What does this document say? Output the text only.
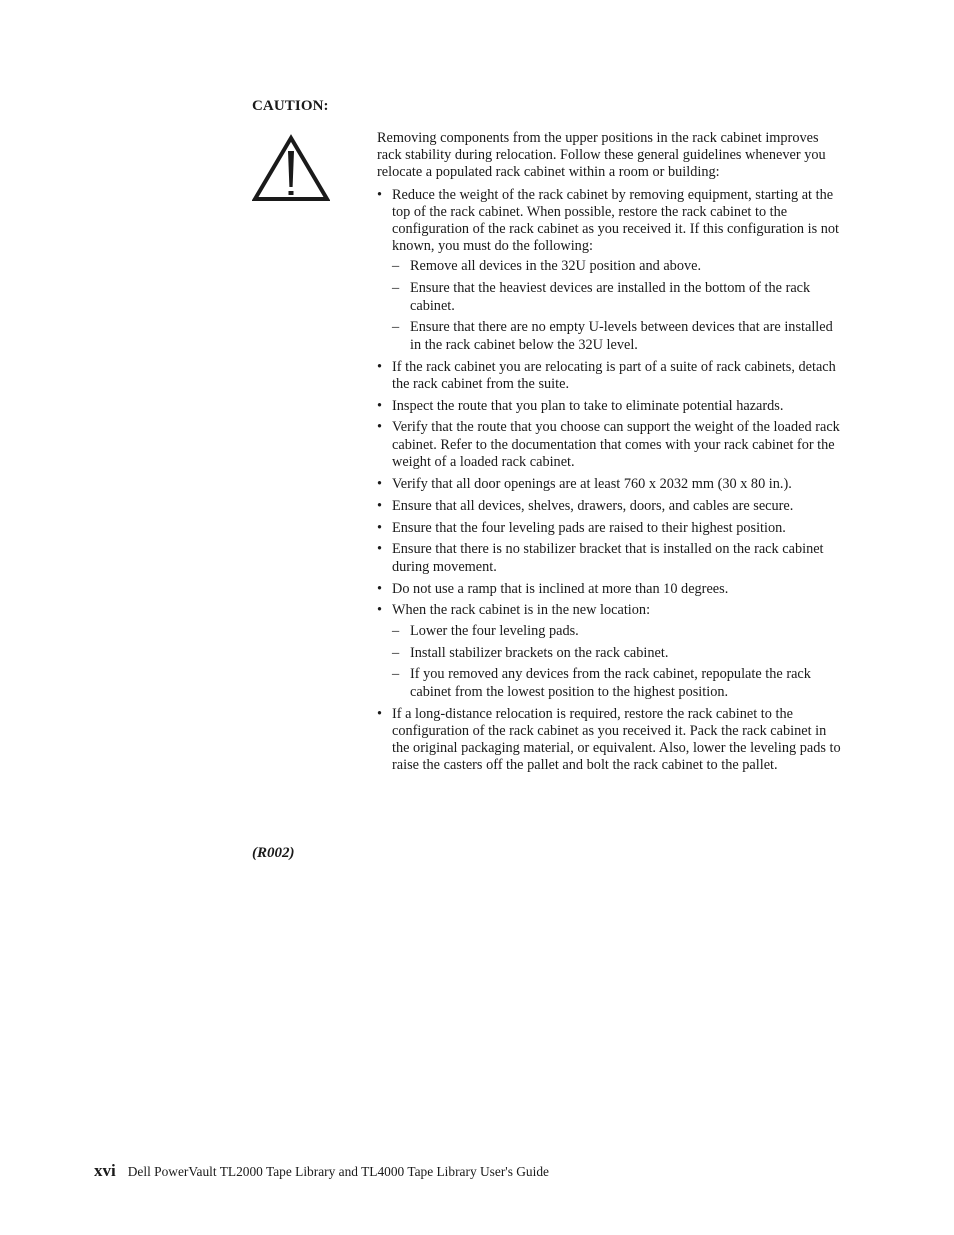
CAUTION:

Removing components from the upper positions in the rack cabinet improves rack stability during relocation. Follow these general guidelines whenever you relocate a populated rack cabinet within a room or building:

• Reduce the weight of the rack cabinet by removing equipment, starting at the top of the rack cabinet. When possible, restore the rack cabinet to the configuration of the rack cabinet as you received it. If this configuration is not known, you must do the following:
– Remove all devices in the 32U position and above.
– Ensure that the heaviest devices are installed in the bottom of the rack cabinet.
– Ensure that there are no empty U-levels between devices that are installed in the rack cabinet below the 32U level.
• If the rack cabinet you are relocating is part of a suite of rack cabinets, detach the rack cabinet from the suite.
• Inspect the route that you plan to take to eliminate potential hazards.
• Verify that the route that you choose can support the weight of the loaded rack cabinet. Refer to the documentation that comes with your rack cabinet for the weight of a loaded rack cabinet.
• Verify that all door openings are at least 760 x 2032 mm (30 x 80 in.).
• Ensure that all devices, shelves, drawers, doors, and cables are secure.
• Ensure that the four leveling pads are raised to their highest position.
• Ensure that there is no stabilizer bracket that is installed on the rack cabinet during movement.
• Do not use a ramp that is inclined at more than 10 degrees.
• When the rack cabinet is in the new location:
– Lower the four leveling pads.
– Install stabilizer brackets on the rack cabinet.
– If you removed any devices from the rack cabinet, repopulate the rack cabinet from the lowest position to the highest position.
• If a long-distance relocation is required, restore the rack cabinet to the configuration of the rack cabinet as you received it. Pack the rack cabinet in the original packaging material, or equivalent. Also, lower the leveling pads to raise the casters off the pallet and bolt the rack cabinet to the pallet.
(R002)
xvi Dell PowerVault TL2000 Tape Library and TL4000 Tape Library User's Guide
